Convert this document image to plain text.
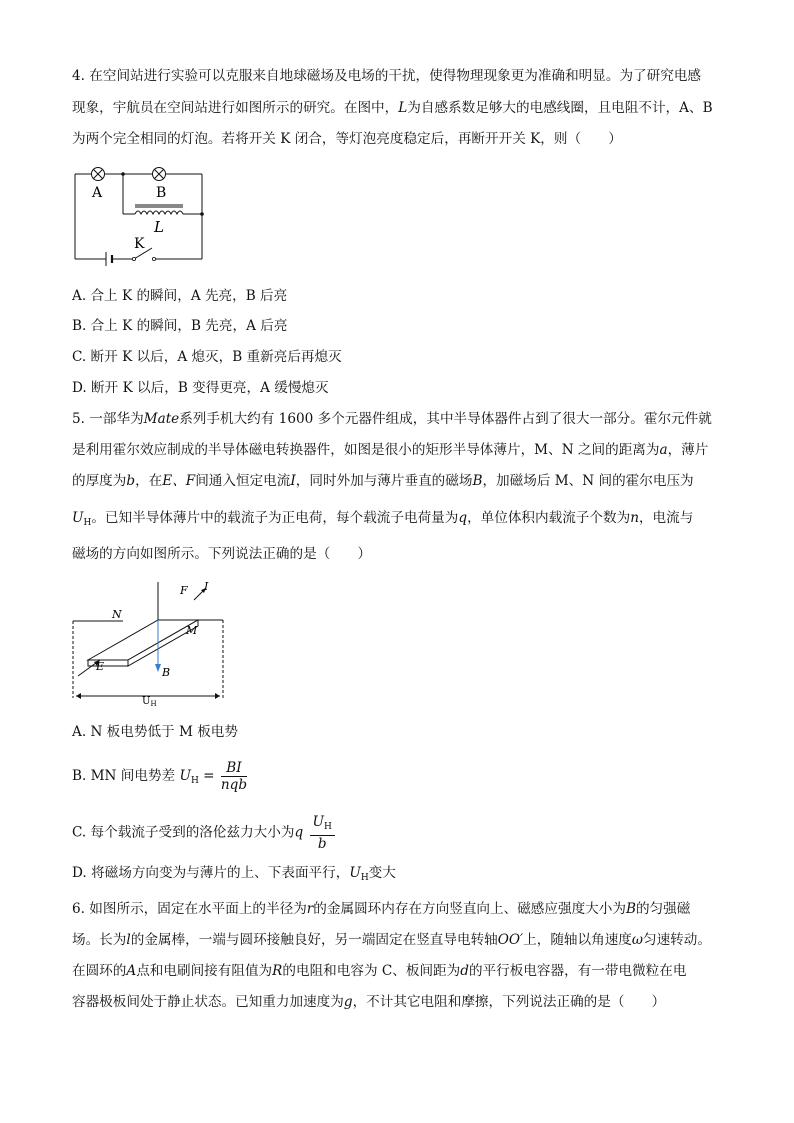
4. 在空间站进行实验可以克服来自地球磁场及电场的干扰，使得物理现象更为准确和明显。为了研究电感
现象，宇航员在空间站进行如图所示的研究。在图中，L为自感系数足够大的电感线圈，且电阻不计，A、B
为两个完全相同的灯泡。若将开关 K 闭合，等灯泡亮度稳定后，再断开开关 K，则（　　）
A	B
L
K
A. 合上 K 的瞬间，A 先亮，B 后亮
B. 合上 K 的瞬间，B 先亮，A 后亮
C. 断开 K 以后，A 熄灭，B 重新亮后再熄灭
D. 断开 K 以后，B 变得更亮，A 缓慢熄灭
5. 一部华为Mate系列手机大约有 1600 多个元器件组成，其中半导体器件占到了很大一部分。霍尔元件就
是利用霍尔效应制成的半导体磁电转换器件，如图是很小的矩形半导体薄片，M、N 之间的距离为a，薄片
的厚度为b，在E、F间通入恒定电流I，同时外加与薄片垂直的磁场B，加磁场后 M、N 间的霍尔电压为
$U_H$。已知半导体薄片中的载流子为正电荷，每个载流子电荷量为q，单位体积内载流子个数为n，电流与
磁场的方向如图所示。下列说法正确的是（　　）
F I
N
M
E	B
$U_H$
A. N 板电势低于 M 板电势
B. MN 间电势差 $U_H = \frac{BI}{\text{nqb}}$
C. 每个载流子受到的洛伦兹力大小为q $\frac{U_H}{b}$
D. 将磁场方向变为与薄片的上、下表面平行，$U_H$变大
6. 如图所示，固定在水平面上的半径为r的金属圆环内存在方向竖直向上、磁感应强度大小为B的匀强磁
场。长为l的金属棒，一端与圆环接触良好，另一端固定在竖直导电转轴OO′上，随轴以角速度ω匀速转动。
在圆环的A点和电刷间接有阻值为R的电阻和电容为 C、板间距为d的平行板电容器，有一带电微粒在电
容器极板间处于静止状态。已知重力加速度为g，不计其它电阻和摩擦，下列说法正确的是（　　）
